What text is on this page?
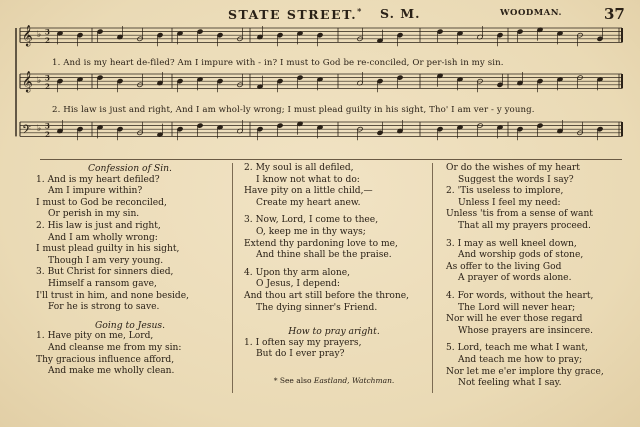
STATE STREET.* S. M.	WOODMAN.	37
𝄞 ♭ 3
2
𝄞 ♭ 3
2
𝄢 ♭ 3
2
1. And is my heart de-filed? Am I impure with - in? I must to God be re-conciled, Or per-ish in my sin.
2. His law is just and right, And I am whol-ly wrong; I must plead guilty in his sight, Tho' I am ver - y young.
Confession of Sin.
1. And is my heart defiled?
Am I impure within?
I must to God be reconciled,
Or perish in my sin.
2. His law is just and right,
And I am wholly wrong:
I must plead guilty in his sight,
Though I am very young.
3. But Christ for sinners died,
Himself a ransom gave,
I'll trust in him, and none beside,
For he is strong to save.
Going to Jesus.
1. Have pity on me, Lord,
And cleanse me from my sin:
Thy gracious influence afford,
And make me wholly clean.
2. My soul is all defiled,
I know not what to do:
Have pity on a little child,—
Create my heart anew.
3. Now, Lord, I come to thee,
O, keep me in thy ways;
Extend thy pardoning love to me,
And thine shall be the praise.
4. Upon thy arm alone,
O Jesus, I depend:
And thou art still before the throne,
The dying sinner's Friend.
How to pray aright.
1. I often say my prayers,
But do I ever pray?
Or do the wishes of my heart
Suggest the words I say?
2. 'Tis useless to implore,
Unless I feel my need:
Unless 'tis from a sense of want
That all my prayers proceed.
3. I may as well kneel down,
And worship gods of stone,
As offer to the living God
A prayer of words alone.
4. For words, without the heart,
The Lord will never hear;
Nor will he ever those regard
Whose prayers are insincere.
5. Lord, teach me what I want,
And teach me how to pray;
Nor let me e'er implore thy grace,
Not feeling what I say.
* See also Eastland, Watchman.
